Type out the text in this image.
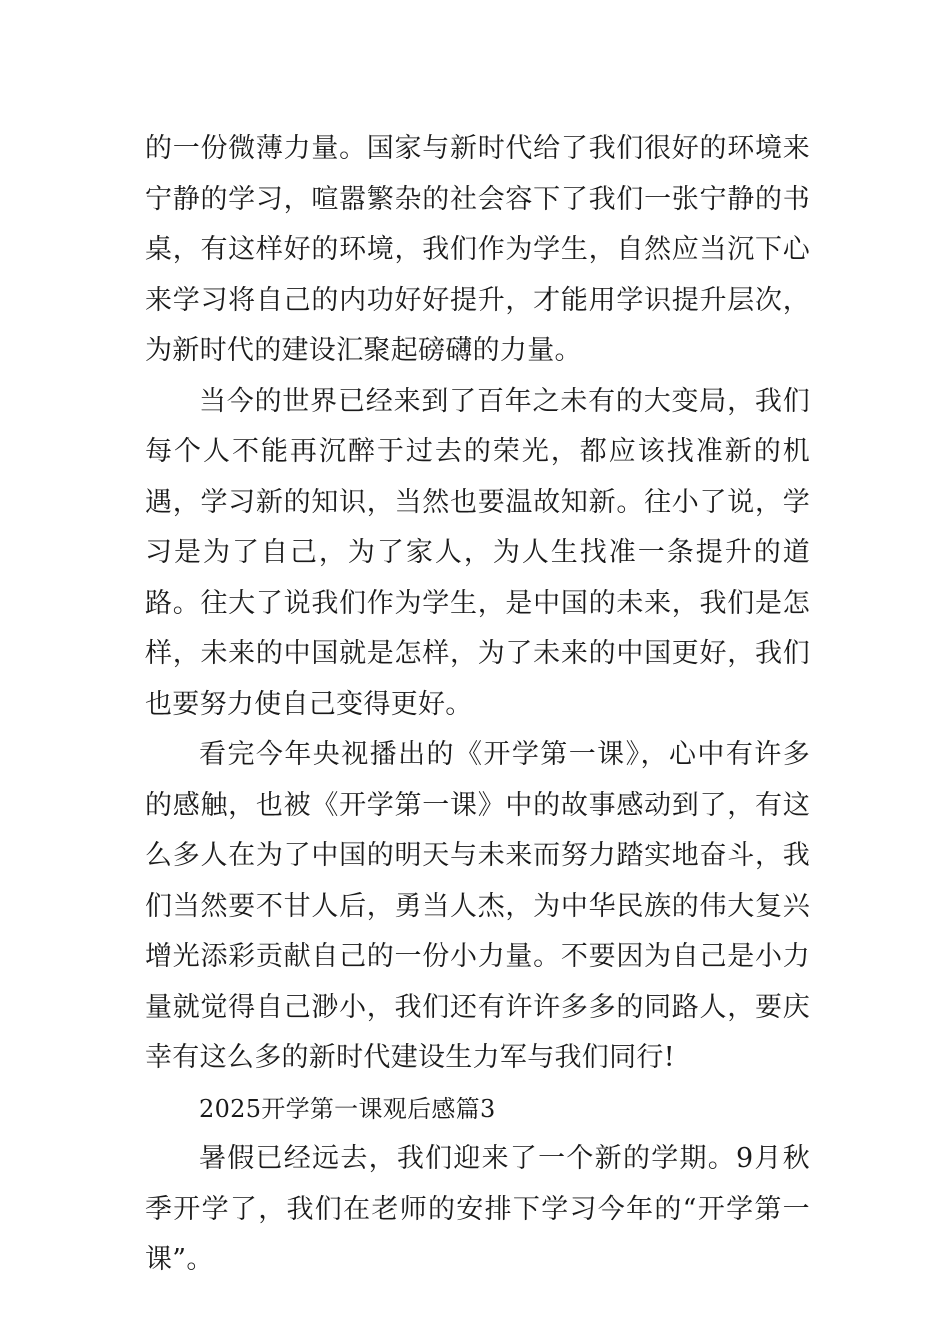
的一份微薄力量。国家与新时代给了我们很好的环境来宁静的学习，喧嚣繁杂的社会容下了我们一张宁静的书桌，有这样好的环境，我们作为学生，自然应当沉下心来学习将自己的内功好好提升，才能用学识提升层次，为新时代的建设汇聚起磅礴的力量。

当今的世界已经来到了百年之未有的大变局，我们每个人不能再沉醉于过去的荣光，都应该找准新的机遇，学习新的知识，当然也要温故知新。往小了说，学习是为了自己，为了家人，为人生找准一条提升的道路。往大了说我们作为学生，是中国的未来，我们是怎样，未来的中国就是怎样，为了未来的中国更好，我们也要努力使自己变得更好。

看完今年央视播出的《开学第一课》，心中有许多的感触，也被《开学第一课》中的故事感动到了，有这么多人在为了中国的明天与未来而努力踏实地奋斗，我们当然要不甘人后，勇当人杰，为中华民族的伟大复兴增光添彩贡献自己的一份小力量。不要因为自己是小力量就觉得自己渺小，我们还有许许多多的同路人，要庆幸有这么多的新时代建设生力军与我们同行!

2025开学第一课观后感篇3

暑假已经远去，我们迎来了一个新的学期。9月秋季开学了，我们在老师的安排下学习今年的“开学第一课”。
